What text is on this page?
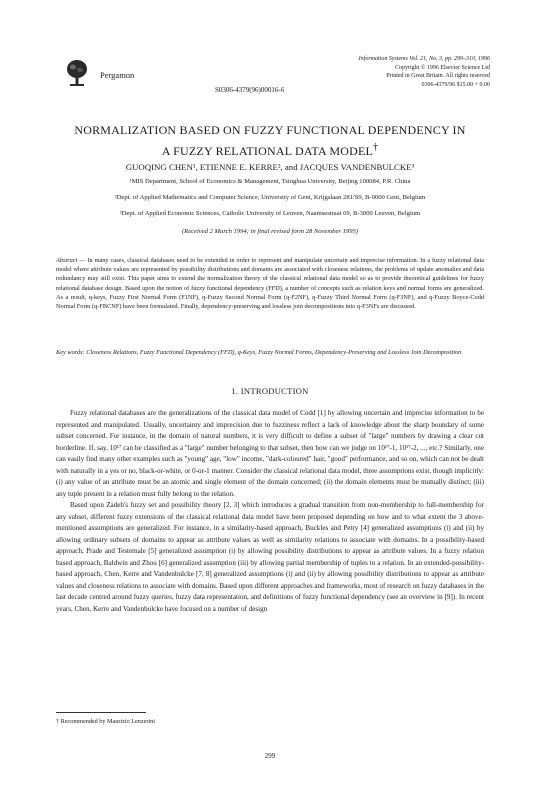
Pergamon
Information Systems Vol. 21, No. 3, pp. 299–310, 1996
Copyright © 1996 Elsevier Science Ltd
Printed in Great Britain. All rights reserved
0306-4379/96 $15.00 + 0.00
S0306-4379(96)00016-6
NORMALIZATION BASED ON FUZZY FUNCTIONAL DEPENDENCY IN
A FUZZY RELATIONAL DATA MODEL†
GUOQING CHEN¹, ETIENNE E. KERRE², and JACQUES VANDENBULCKE³
¹MIS Department, School of Economics & Management, Tsinghua University, Beijing 100084, P.R. China
²Dept. of Applied Mathematics and Computer Science, University of Gent, Krijgslaan 281/S9, B-9000 Gent, Belgium
³Dept. of Applied Economic Sciences, Catholic University of Leuven, Naamsestraat 69, B-3000 Leuven, Belgium
(Received 2 March 1994; in final revised form 28 November 1995)
Abstract — In many cases, classical databases need to be extended in order to represent and manipulate uncertain and imprecise information. In a fuzzy relational data model where attribute values are represented by possibility distributions and domains are associated with closeness relations, the problems of update anomalies and data redundancy may still exist. This paper aims to extend the normalization theory of the classical relational data model so as to provide theoretical guidelines for fuzzy relational database design. Based upon the notion of fuzzy functional dependency (FFD), a number of concepts such as relation keys and normal forms are generalized. As a result, q-keys, Fuzzy First Normal Form (F1NF), q-Fuzzy Second Normal Form (q-F2NF), q-Fuzzy Third Normal Form (q-F3NF), and q-Fuzzy Boyce-Codd Normal Form (q-FBCNF) have been formulated. Finally, dependency-preserving and lossless join decompositions into q-F3NFs are discussed.
Key words: Closeness Relations, Fuzzy Functional Dependency (FFD), q-Keys, Fuzzy Normal Forms, Dependency-Preserving and Lossless Join Decomposition
1. INTRODUCTION

Fuzzy relational databases are the generalizations of the classical data model of Codd [1] by allowing uncertain and imprecise information to be represented and manipulated. Usually, uncertainty and imprecision due to fuzziness reflect a lack of knowledge about the sharp boundary of some subset concerned. For instance, in the domain of natural numbers, it is very difficult to define a subset of "large" numbers by drawing a clear cut borderline. If, say, 10¹⁷ can be classified as a "large" number belonging to that subset, then how can we judge on 10¹⁷-1, 10¹⁷-2, ..., etc.? Similarly, one can easily find many other examples such as "young" age, "low" income, "dark-coloured" hair, "good" performance, and so on, which can not be dealt with naturally in a yes or no, black-or-white, or 0-or-1 manner. Consider the classical relational data model, three assumptions exist, though implicitly: (i) any value of an attribute must be an atomic and single element of the domain concerned; (ii) the domain elements must be mutually distinct; (iii) any tuple present in a relation must fully belong to the relation.

Based upon Zadeh's fuzzy set and possibility theory [2, 3] which introduces a gradual transition from non-membership to full-membership for any subset, different fuzzy extensions of the classical relational data model have been proposed depending on how and to what extent the 3 above-mentioned assumptions are generalized. For instance, in a similarity-based approach, Buckles and Petry [4] generalized assumptions (i) and (ii) by allowing ordinary subsets of domains to appear as attribute values as well as similarity relations to associate with domains. In a possibility-based approach, Prade and Testemale [5] generalized assumption (i) by allowing possibility distributions to appear as attribute values. In a fuzzy relation based approach, Baldwin and Zhou [6] generalized assumption (iii) by allowing partial membership of tuples to a relation. In an extended-possibility-based approach, Chen, Kerre and Vandenbulcke [7, 8] generalized assumptions (i) and (ii) by allowing possibility distributions to appear as attribute values and closeness relations to associate with domains. Based upon different approaches and frameworks, most of research on fuzzy databases in the last decade centred around fuzzy queries, fuzzy data representation, and definitions of fuzzy functional dependency (see an overview in [9]). In recent years, Chen, Kerre and Vandenbulcke have focused on a number of design

† Recommended by Maurizio Lenzerini
299
